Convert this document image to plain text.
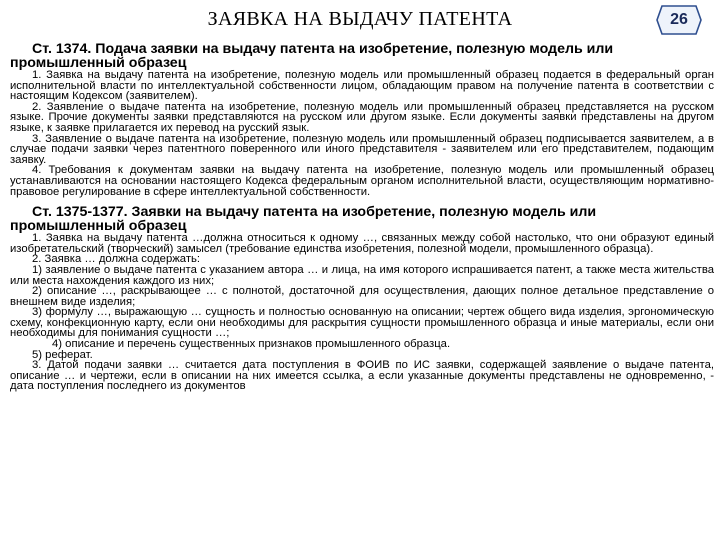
ЗАЯВКА НА ВЫДАЧУ ПАТЕНТА	26

Ст. 1374. Подача заявки на выдачу патента на изобретение, полезную модель или промышленный образец

1. Заявка на выдачу патента на изобретение, полезную модель или промышленный образец подается в федеральный орган исполнительной власти по интеллектуальной собственности лицом, обладающим правом на получение патента в соответствии с настоящим Кодексом (заявителем).

2. Заявление о выдаче патента на изобретение, полезную модель или промышленный образец представляется на русском языке. Прочие документы заявки представляются на русском или другом языке. Если документы заявки представлены на другом языке, к заявке прилагается их перевод на русский язык.

3. Заявление о выдаче патента на изобретение, полезную модель или промышленный образец подписывается заявителем, а в случае подачи заявки через патентного поверенного или иного представителя - заявителем или его представителем, подающим заявку.

4. Требования к документам заявки на выдачу патента на изобретение, полезную модель или промышленный образец устанавливаются на основании настоящего Кодекса федеральным органом исполнительной власти, осуществляющим нормативно-правовое регулирование в сфере интеллектуальной собственности.

Ст. 1375-1377. Заявки на выдачу патента на изобретение, полезную модель или промышленный образец

1. Заявка на выдачу патента …должна относиться к одному …, связанных между собой настолько, что они образуют единый изобретательский (творческий) замысел (требование единства изобретения, полезной модели, промышленного образца).

2. Заявка … должна содержать:

1) заявление о выдаче патента с указанием автора … и лица, на имя которого испрашивается патент, а также места жительства или места нахождения каждого из них;

2) описание …, раскрывающее … с полнотой, достаточной для осуществления, дающих полное детальное представление о внешнем виде изделия;

3) формулу …, выражающую … сущность и полностью основанную на описании; чертеж общего вида изделия, эргономическую схему, конфекционную карту, если они необходимы для раскрытия сущности промышленного образца и иные материалы, если они необходимы для понимания сущности …;

4) описание и перечень существенных признаков промышленного образца.

5) реферат.

3. Датой подачи заявки … считается дата поступления в ФОИВ по ИС заявки, содержащей заявление о выдаче патента, описание … и чертежи, если в описании на них имеется ссылка, а если указанные документы представлены не одновременно, - дата поступления последнего из документов
